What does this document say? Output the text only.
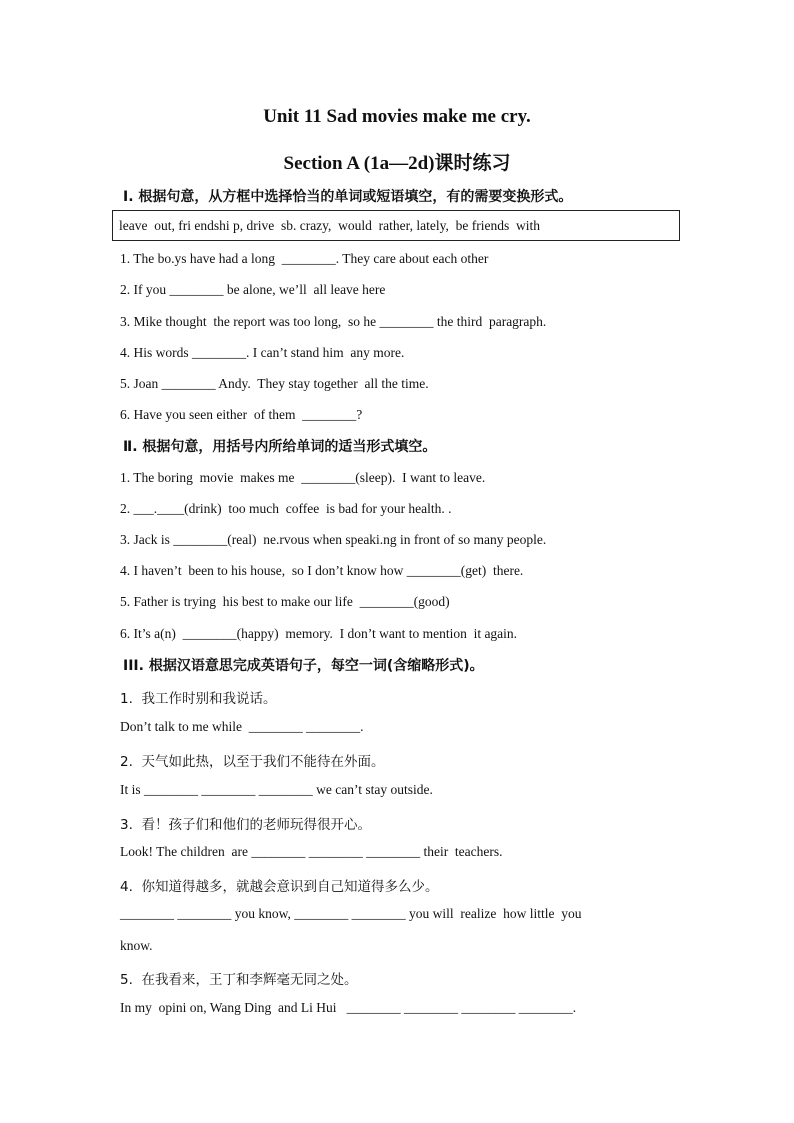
Unit 11 Sad movies make me cry.
Section A (1a—2d)课时练习
Ⅰ. 根据句意，从方框中选择恰当的单词或短语填空，有的需要变换形式。
leave  out, fri endshi p, drive  sb. crazy,  would  rather, lately,  be friends  with
1. The bo.ys have had a long  ________. They care about each other
2. If you ________ be alone, we’ll  all leave here
3. Mike thought  the report was too long,  so he ________ the third  paragraph.
4. His words ________. I can’t stand him  any more.
5. Joan ________ Andy.  They stay together  all the time.
6. Have you seen either  of them  ________?
Ⅱ. 根据句意，用括号内所给单词的适当形式填空。
1. The boring  movie  makes me  ________(sleep).  I want to leave.
2. ___.____(drink)  too much  coffee  is bad for your health. .
3. Jack is ________(real)  ne.rvous when speaki.ng in front of so many people.
4. I haven’t  been to his house,  so I don’t know how ________(get)  there.
5. Father is trying  his best to make our life  ________(good)
6. It’s a(n)  ________(happy)  memory.  I don’t want to mention  it again.
III. 根据汉语意思完成英语句子，每空一词(含缩略形式)。
1.  我工作时别和我说话。
Don’t talk to me while  ________ ________.
2.  天气如此热，以至于我们不能待在外面。
It is ________ ________ ________ we can’t stay outside.
3.  看！孩子们和他们的老师玩得很开心。
Look! The children  are ________ ________ ________ their  teachers.
4.  你知道得越多，就越会意识到自己知道得多么少。
________ ________ you know, ________ ________ you will  realize  how little  you
know.
5.  在我看来，王丁和李辉毫无同之处。
In my  opini on, Wang Ding  and Li Hui   ________ ________ ________ ________.
